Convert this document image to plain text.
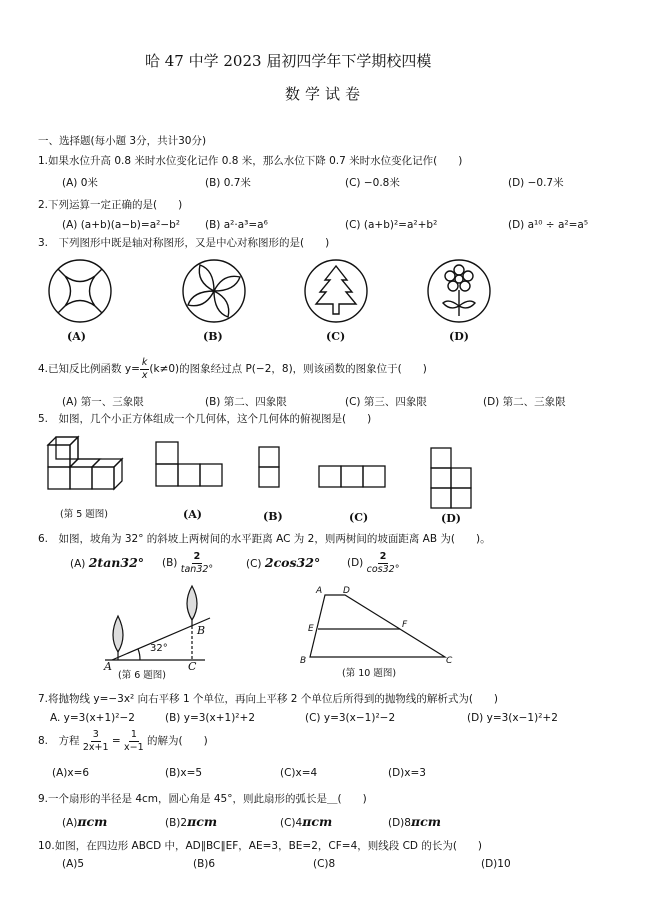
哈 47 中学 2023 届初四学年下学期校四模
数学试卷
一、选择题(每小题 3分，共计30分)
1.如果水位升高 0.8 米时水位变化记作 0.8 米，那么水位下降 0.7 米时水位变化记作(　　)
(A) 0米	(B) 0.7米	(C) −0.8米	(D) −0.7米
2.下列运算一定正确的是(　　)
(A) (a+b)(a−b)=a²−b² (B) a²·a³=a⁶	(C) (a+b)²=a²+b²	(D) a¹⁰ ÷ a²=a⁵
3.　下列图形中既是轴对称图形，又是中心对称图形的是(　　)
(A)	(B)	(C)	(D)
4.已知反比例函数 $y= \frac{k}{x} (k\ne 0)$的图象经过点 P(−2，8)，则该函数的图象位于(　　)
(A) 第一、三象限	(B) 第二、四象限	(C) 第三、四象限	(D) 第二、三象限
5.　如图，几个小正方体组成一个几何体，这个几何体的俯视图是(　　)
(第 5 题图)	(A)	(B)	(C)	(D)
6.　如图，坡角为 32° 的斜坡上两树间的水平距离 AC 为 2，则两树间的坡面距离 AB 为(　　)。
(A) 2tan32° $(B) \frac{2}{\tan 32^\circ}$	(C) 2cos32°	$(D) \frac{2}{\cos 32^\circ}$
A
B
C
32°
(第 6 题图)
A D
E	F
B	C
(第 10 题图)
7.将抛物线 y=−3x² 向右平移 1 个单位，再向上平移 2 个单位后所得到的抛物线的解析式为(　　)
A. y=3(x+1)²−2	(B) y=3(x+1)²+2	(C) y=3(x−1)²−2	(D) y=3(x−1)²+2
8.　方程 $\frac{3}{2x+1} = \frac{1}{x-1}$ 的解为(　　)
(A)x=6	(B)x=5	(C)x=4	(D)x=3
9.一个扇形的半径是 4cm，圆心角是 45°，则此扇形的弧长是＿(　　)
(A)πcm	(B)2πcm	(C)4πcm	(D)8πcm
10.如图，在四边形 ABCD 中，AD∥BC∥EF，AE=3，BE=2，CF=4，则线段 CD 的长为(　　)
(A)5	(B)6	(C)8	(D)10
